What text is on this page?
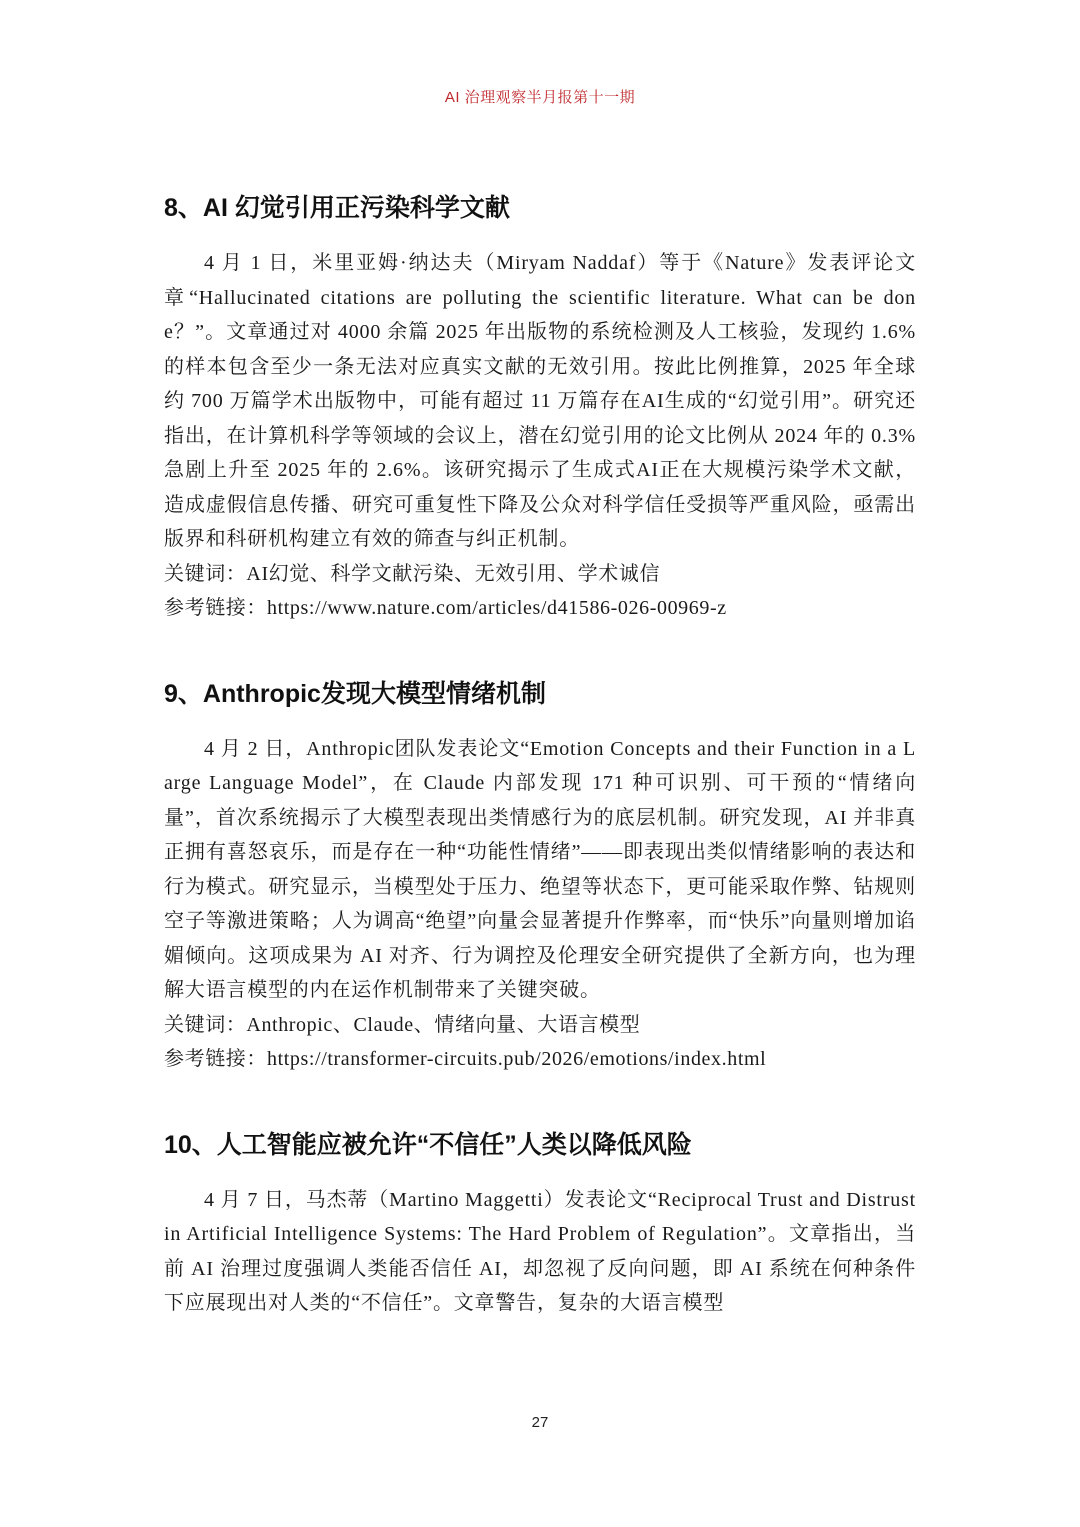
AI 治理观察半月报第十一期
8、AI 幻觉引用正污染科学文献

4 月 1 日，米里亚姆·纳达夫（Miryam Naddaf）等于《Nature》发表评论文章“Hallucinated citations are polluting the scientific literature. What can be done？”。文章通过对 4000 余篇 2025 年出版物的系统检测及人工核验，发现约 1.6%的样本包含至少一条无法对应真实文献的无效引用。按此比例推算，2025 年全球约 700 万篇学术出版物中，可能有超过 11 万篇存在AI生成的“幻觉引用”。研究还指出，在计算机科学等领域的会议上，潜在幻觉引用的论文比例从 2024 年的 0.3%急剧上升至 2025 年的 2.6%。该研究揭示了生成式AI正在大规模污染学术文献，造成虚假信息传播、研究可重复性下降及公众对科学信任受损等严重风险，亟需出版界和科研机构建立有效的筛查与纠正机制。

关键词：AI幻觉、科学文献污染、无效引用、学术诚信

参考链接：https://www.nature.com/articles/d41586-026-00969-z

9、Anthropic发现大模型情绪机制

4 月 2 日，Anthropic团队发表论文“Emotion Concepts and their Function in a Large Language Model”，在 Claude 内部发现 171 种可识别、可干预的“情绪向量”，首次系统揭示了大模型表现出类情感行为的底层机制。研究发现，AI 并非真正拥有喜怒哀乐，而是存在一种“功能性情绪”——即表现出类似情绪影响的表达和行为模式。研究显示，当模型处于压力、绝望等状态下，更可能采取作弊、钻规则空子等激进策略；人为调高“绝望”向量会显著提升作弊率，而“快乐”向量则增加谄媚倾向。这项成果为 AI 对齐、行为调控及伦理安全研究提供了全新方向，也为理解大语言模型的内在运作机制带来了关键突破。

关键词：Anthropic、Claude、情绪向量、大语言模型

参考链接：https://transformer-circuits.pub/2026/emotions/index.html

10、人工智能应被允许“不信任”人类以降低风险

4 月 7 日，马杰蒂（Martino Maggetti）发表论文“Reciprocal Trust and Distrust in Artificial Intelligence Systems: The Hard Problem of Regulation”。文章指出，当前 AI 治理过度强调人类能否信任 AI，却忽视了反向问题，即 AI 系统在何种条件下应展现出对人类的“不信任”。文章警告，复杂的大语言模型

27
